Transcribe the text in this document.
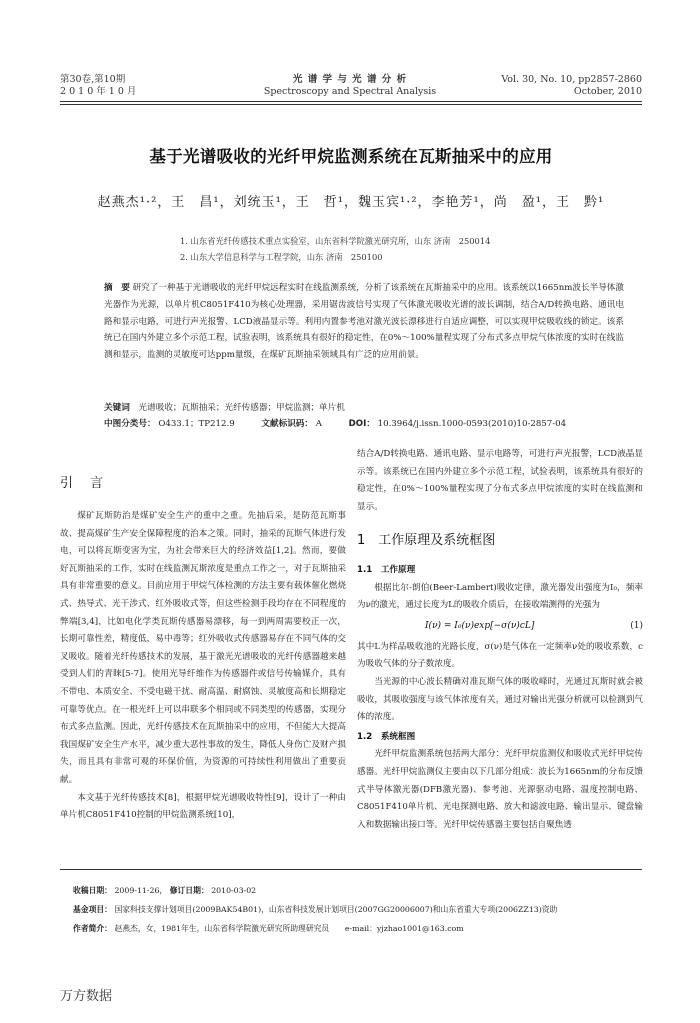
第30卷,第10期
2 0 1 0 年 1 0 月
光 谱 学 与 光 谱 分 析
Spectroscopy and Spectral Analysis
Vol. 30, No. 10, pp2857-2860
October, 2010
基于光谱吸收的光纤甲烷监测系统在瓦斯抽采中的应用
赵燕杰¹·²，王　昌¹，刘统玉¹，王　哲¹，魏玉宾¹·²，李艳芳¹，尚　盈¹，王　黔¹
1. 山东省光纤传感技术重点实验室，山东省科学院激光研究所，山东 济南　250014
2. 山东大学信息科学与工程学院，山东 济南　250100
摘　要 研究了一种基于光谱吸收的光纤甲烷远程实时在线监测系统，分析了该系统在瓦斯抽采中的应用。该系统以1665nm波长半导体激光器作为光源，以单片机C8051F410为核心处理器，采用锯齿波信号实现了气体激光吸收光谱的波长调制，结合A/D转换电路、通讯电路和显示电路，可进行声光报警、LCD液晶显示等。利用内置参考池对激光波长漂移进行自适应调整，可以实现甲烷吸收线的锁定。该系统已在国内外建立多个示范工程，试验表明，该系统具有很好的稳定性，在0%～100%量程实现了分布式多点甲烷气体浓度的实时在线监测和显示，监测的灵敏度可达ppm量级，在煤矿瓦斯抽采领域具有广泛的应用前景。
关键词 光谱吸收；瓦斯抽采；光纤传感器；甲烷监测；单片机
中图分类号： O433.1；TP212.9	文献标识码： A	DOI： 10.3964/j.issn.1000-0593(2010)10-2857-04
引　言

煤矿瓦斯防治是煤矿安全生产的重中之重。先抽后采，是防范瓦斯事故、提高煤矿生产安全保障程度的治本之策。同时，抽采的瓦斯气体进行发电，可以将瓦斯变害为宝，为社会带来巨大的经济效益[1,2]。然而，要做好瓦斯抽采的工作，实时在线监测瓦斯浓度是重点工作之一，对于瓦斯抽采具有非常重要的意义。目前应用于甲烷气体检测的方法主要有载体催化燃烧式、热导式、光干涉式、红外吸收式等，但这些检测手段均存在不同程度的弊端[3,4]，比如电化学类瓦斯传感器易漂移，每一到两周需要校正一次，长期可靠性差，精度低，易中毒等；红外吸收式传感器易存在不同气体的交叉吸收。随着光纤传感技术的发展，基于激光光谱吸收的光纤传感器越来越受到人们的青睐[5-7]。使用光导纤维作为传感器件或信号传输媒介，具有不带电、本质安全、不受电磁干扰、耐高温、耐腐蚀、灵敏度高和长期稳定可靠等优点。在一根光纤上可以串联多个相同或不同类型的传感器，实现分布式多点监测。因此，光纤传感技术在瓦斯抽采中的应用，不但能大大提高我国煤矿安全生产水平，减少重大恶性事故的发生，降低人身伤亡及财产损失，而且具有非常可观的环保价值，为资源的可持续性利用做出了重要贡献。

本文基于光纤传感技术[8]，根据甲烷光谱吸收特性[9]，设计了一种由单片机C8051F410控制的甲烷监测系统[10]，

结合A/D转换电路、通讯电路、显示电路等，可进行声光报警，LCD液晶显示等。该系统已在国内外建立多个示范工程，试验表明，该系统具有很好的稳定性，在0%～100%量程实现了分布式多点甲烷浓度的实时在线监测和显示。

1　工作原理及系统框图
1.1　工作原理

根据比尔-朗伯(Beer-Lambert)吸收定律，激光器发出强度为I₀，频率为ν的激光，通过长度为L的吸收介质后，在接收端测得的光强为

I(ν) = I₀(ν)exp[−σ(ν)cL]	(1)

其中L为样品吸收池的光路长度，σ(ν)是气体在一定频率ν处的吸收系数，c为吸收气体的分子数浓度。

当光源的中心波长精确对准瓦斯气体的吸收峰时，光通过瓦斯时就会被吸收，其吸收强度与该气体浓度有关，通过对输出光强分析就可以检测到气体的浓度。

1.2　系统框图

光纤甲烷监测系统包括两大部分：光纤甲烷监测仪和吸收式光纤甲烷传感器。光纤甲烷监测仪主要由以下几部分组成：波长为1665nm的分布反馈式半导体激光器(DFB激光器)、参考池、光源驱动电路、温度控制电路、C8051F410单片机、光电探测电路、放大和滤波电路、输出显示、键盘输入和数据输出接口等。光纤甲烷传感器主要包括自聚焦透

收稿日期： 2009-11-26， 修订日期： 2010-03-02
基金项目： 国家科技支撑计划项目(2009BAK54B01)，山东省科技发展计划项目(2007GG20006007)和山东省重大专项(2006ZZ13)资助
作者简介： 赵燕杰，女，1981年生，山东省科学院激光研究所助理研究员　　e-mail：yjzhao1001@163.com
万方数据
